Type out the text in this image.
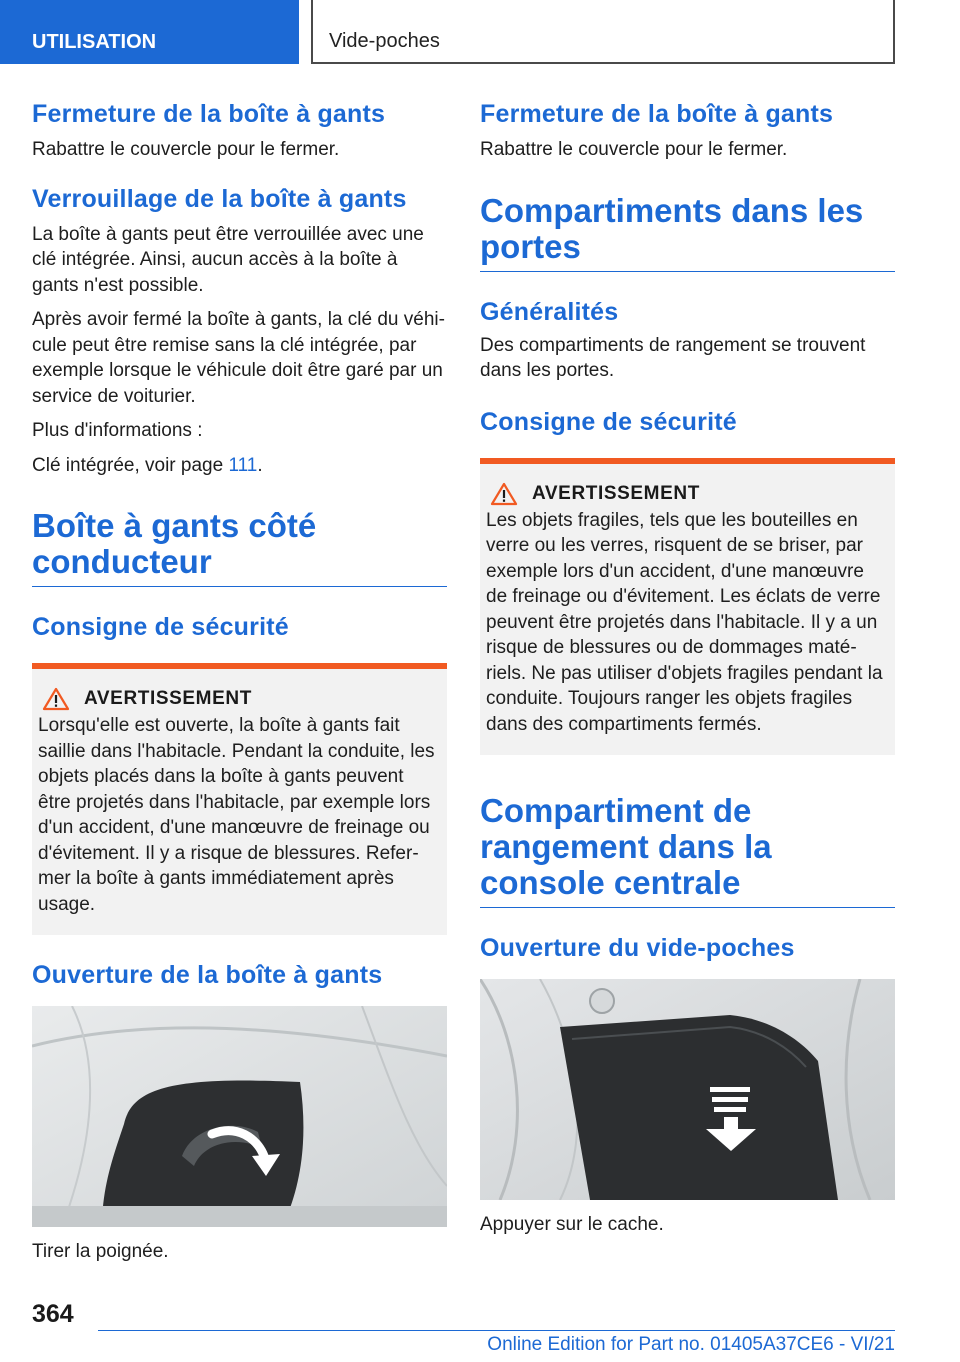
UTILISATION	Vide-poches
Fermeture de la boîte à gants

Rabattre le couvercle pour le fermer.

Verrouillage de la boîte à gants

La boîte à gants peut être verrouillée avec une clé intégrée. Ainsi, aucun accès à la boîte à gants n'est possible.

Après avoir fermé la boîte à gants, la clé du véhicule peut être remise sans la clé intégrée, par exemple lorsque le véhicule doit être garé par un service de voiturier.

Plus d'informations :

Clé intégrée, voir page 111.

Boîte à gants côté conducteur
Consigne de sécurité
AVERTISSEMENT

Lorsqu'elle est ouverte, la boîte à gants fait saillie dans l'habitacle. Pendant la conduite, les objets placés dans la boîte à gants peuvent être projetés dans l'habitacle, par exemple lors d'un accident, d'une manœuvre de freinage ou d'évitement. Il y a risque de blessures. Refermer la boîte à gants immédiatement après usage.

Ouverture de la boîte à gants

Tirer la poignée.

Fermeture de la boîte à gants

Rabattre le couvercle pour le fermer.

Compartiments dans les portes
Généralités

Des compartiments de rangement se trouvent dans les portes.

Consigne de sécurité
AVERTISSEMENT

Les objets fragiles, tels que les bouteilles en verre ou les verres, risquent de se briser, par exemple lors d'un accident, d'une manœuvre de freinage ou d'évitement. Les éclats de verre peuvent être projetés dans l'habitacle. Il y a un risque de blessures ou de dommages matériels. Ne pas utiliser d'objets fragiles pendant la conduite. Toujours ranger les objets fragiles dans des compartiments fermés.

Compartiment de rangement dans la console centrale
Ouverture du vide-poches

Appuyer sur le cache.

364
Online Edition for Part no. 01405A37CE6 - VI/21
